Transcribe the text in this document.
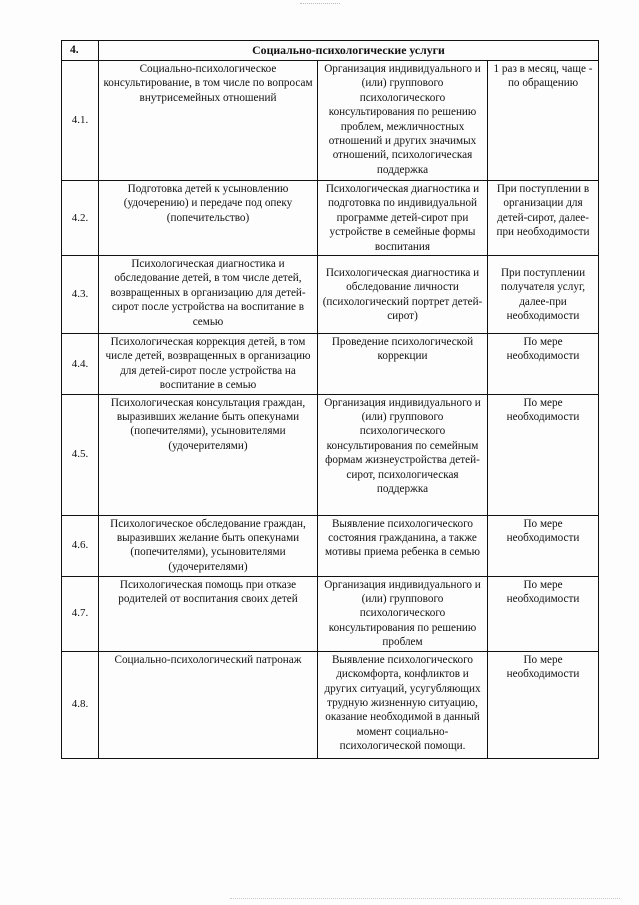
4.	Социально-психологические услуги		
4.1.	Социально-психологическое консультирование, в том числе по вопросам внутрисемейных отношений	Организация индивидуального и (или) группового психологического консультирования по решению проблем, межличностных отношений и других значимых отношений, психологическая поддержка	1 раз в месяц, чаще - по обращению
4.2.	Подготовка детей к усыновлению (удочерению) и передаче под опеку (попечительство)	Психологическая диагностика и подготовка по индивидуальной программе детей-сирот при устройстве в семейные формы воспитания	При поступлении в организации для детей-сирот, далее-при необходимости
4.3.	Психологическая диагностика и обследование детей, в том числе детей, возвращенных в организацию для детей-сирот после устройства на воспитание в семью	Психологическая диагностика и обследование личности (психологический портрет детей-сирот)	При поступлении получателя услуг, далее-при необходимости
4.4.	Психологическая коррекция детей, в том числе детей, возвращенных в организацию для детей-сирот после устройства на воспитание в семью	Проведение психологической коррекции	По мере необходимости
4.5.	Психологическая консультация граждан, выразивших желание быть опекунами (попечителями), усыновителями (удочерителями)	Организация индивидуального и (или) группового психологического консультирования по семейным формам жизнеустройства детей-сирот, психологическая поддержка	По мере необходимости
4.6.	Психологическое обследование граждан, выразивших желание быть опекунами (попечителями), усыновителями (удочерителями)	Выявление психологического состояния гражданина, а также мотивы приема ребенка в семью	По мере необходимости
4.7.	Психологическая помощь при отказе родителей от воспитания своих детей	Организация индивидуального и (или) группового психологического консультирования по решению проблем	По мере необходимости
4.8.	Социально-психологический патронаж	Выявление психологического дискомфорта, конфликтов и других ситуаций, усугубляющих трудную жизненную ситуацию, оказание необходимой в данный момент социально-психологической помощи.	По мере необходимости
